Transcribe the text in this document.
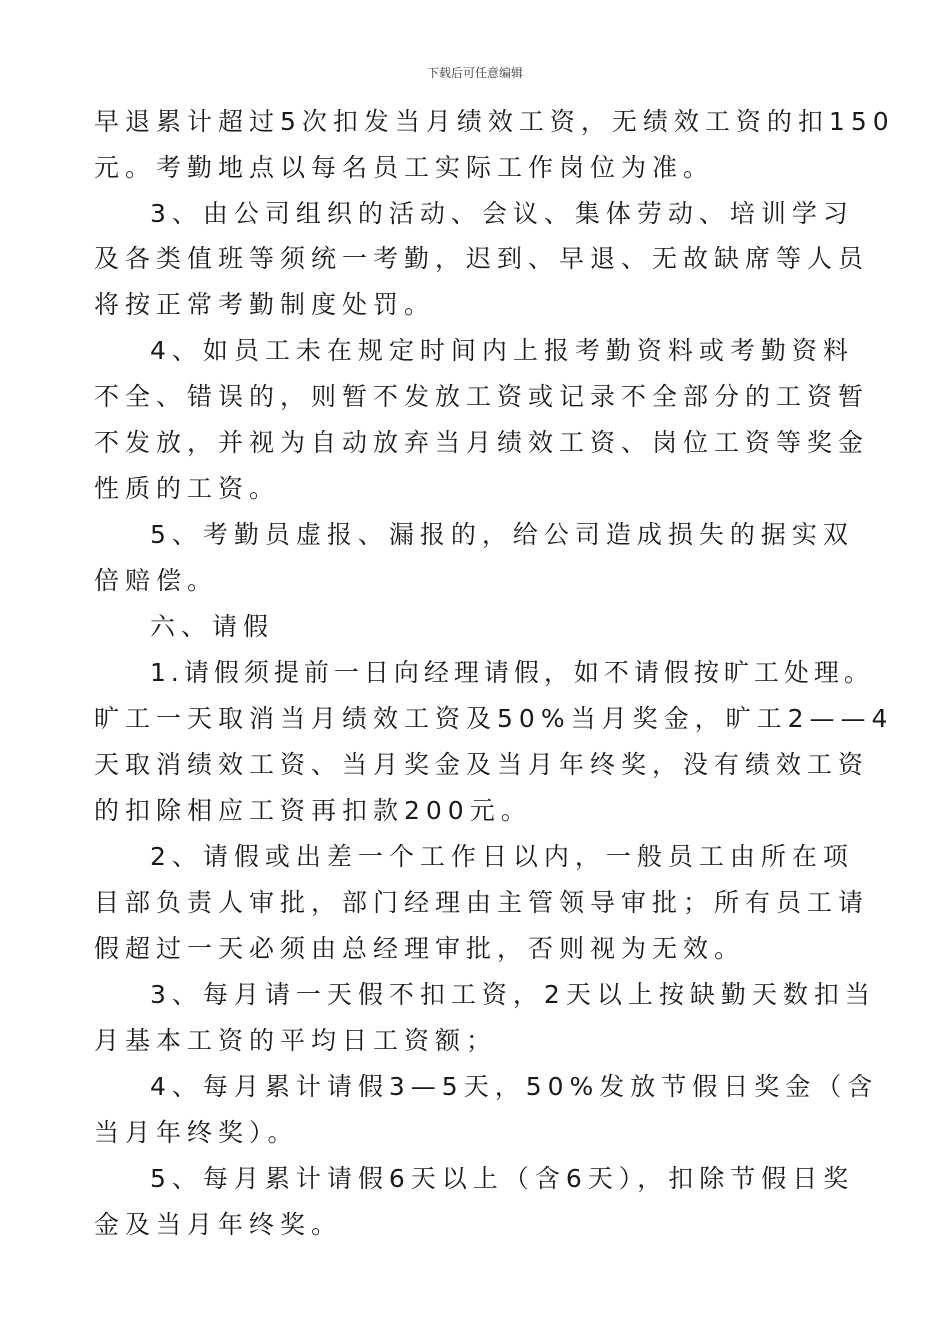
下载后可任意编辑
早退累计超过5次扣发当月绩效工资，无绩效工资的扣150
元。考勤地点以每名员工实际工作岗位为准。
3、由公司组织的活动、会议、集体劳动、培训学习
及各类值班等须统一考勤，迟到、早退、无故缺席等人员
将按正常考勤制度处罚。
4、如员工未在规定时间内上报考勤资料或考勤资料
不全、错误的，则暂不发放工资或记录不全部分的工资暂
不发放，并视为自动放弃当月绩效工资、岗位工资等奖金
性质的工资。
5、考勤员虚报、漏报的，给公司造成损失的据实双
倍赔偿。
六、请假
1.请假须提前一日向经理请假，如不请假按旷工处理。
旷工一天取消当月绩效工资及50%当月奖金，旷工2——4
天取消绩效工资、当月奖金及当月年终奖，没有绩效工资
的扣除相应工资再扣款200元。
2、请假或出差一个工作日以内，一般员工由所在项
目部负责人审批，部门经理由主管领导审批；所有员工请
假超过一天必须由总经理审批，否则视为无效。
3、每月请一天假不扣工资，2天以上按缺勤天数扣当
月基本工资的平均日工资额；
4、每月累计请假3—5天，50%发放节假日奖金（含
当月年终奖）。
5、每月累计请假6天以上（含6天），扣除节假日奖
金及当月年终奖。
